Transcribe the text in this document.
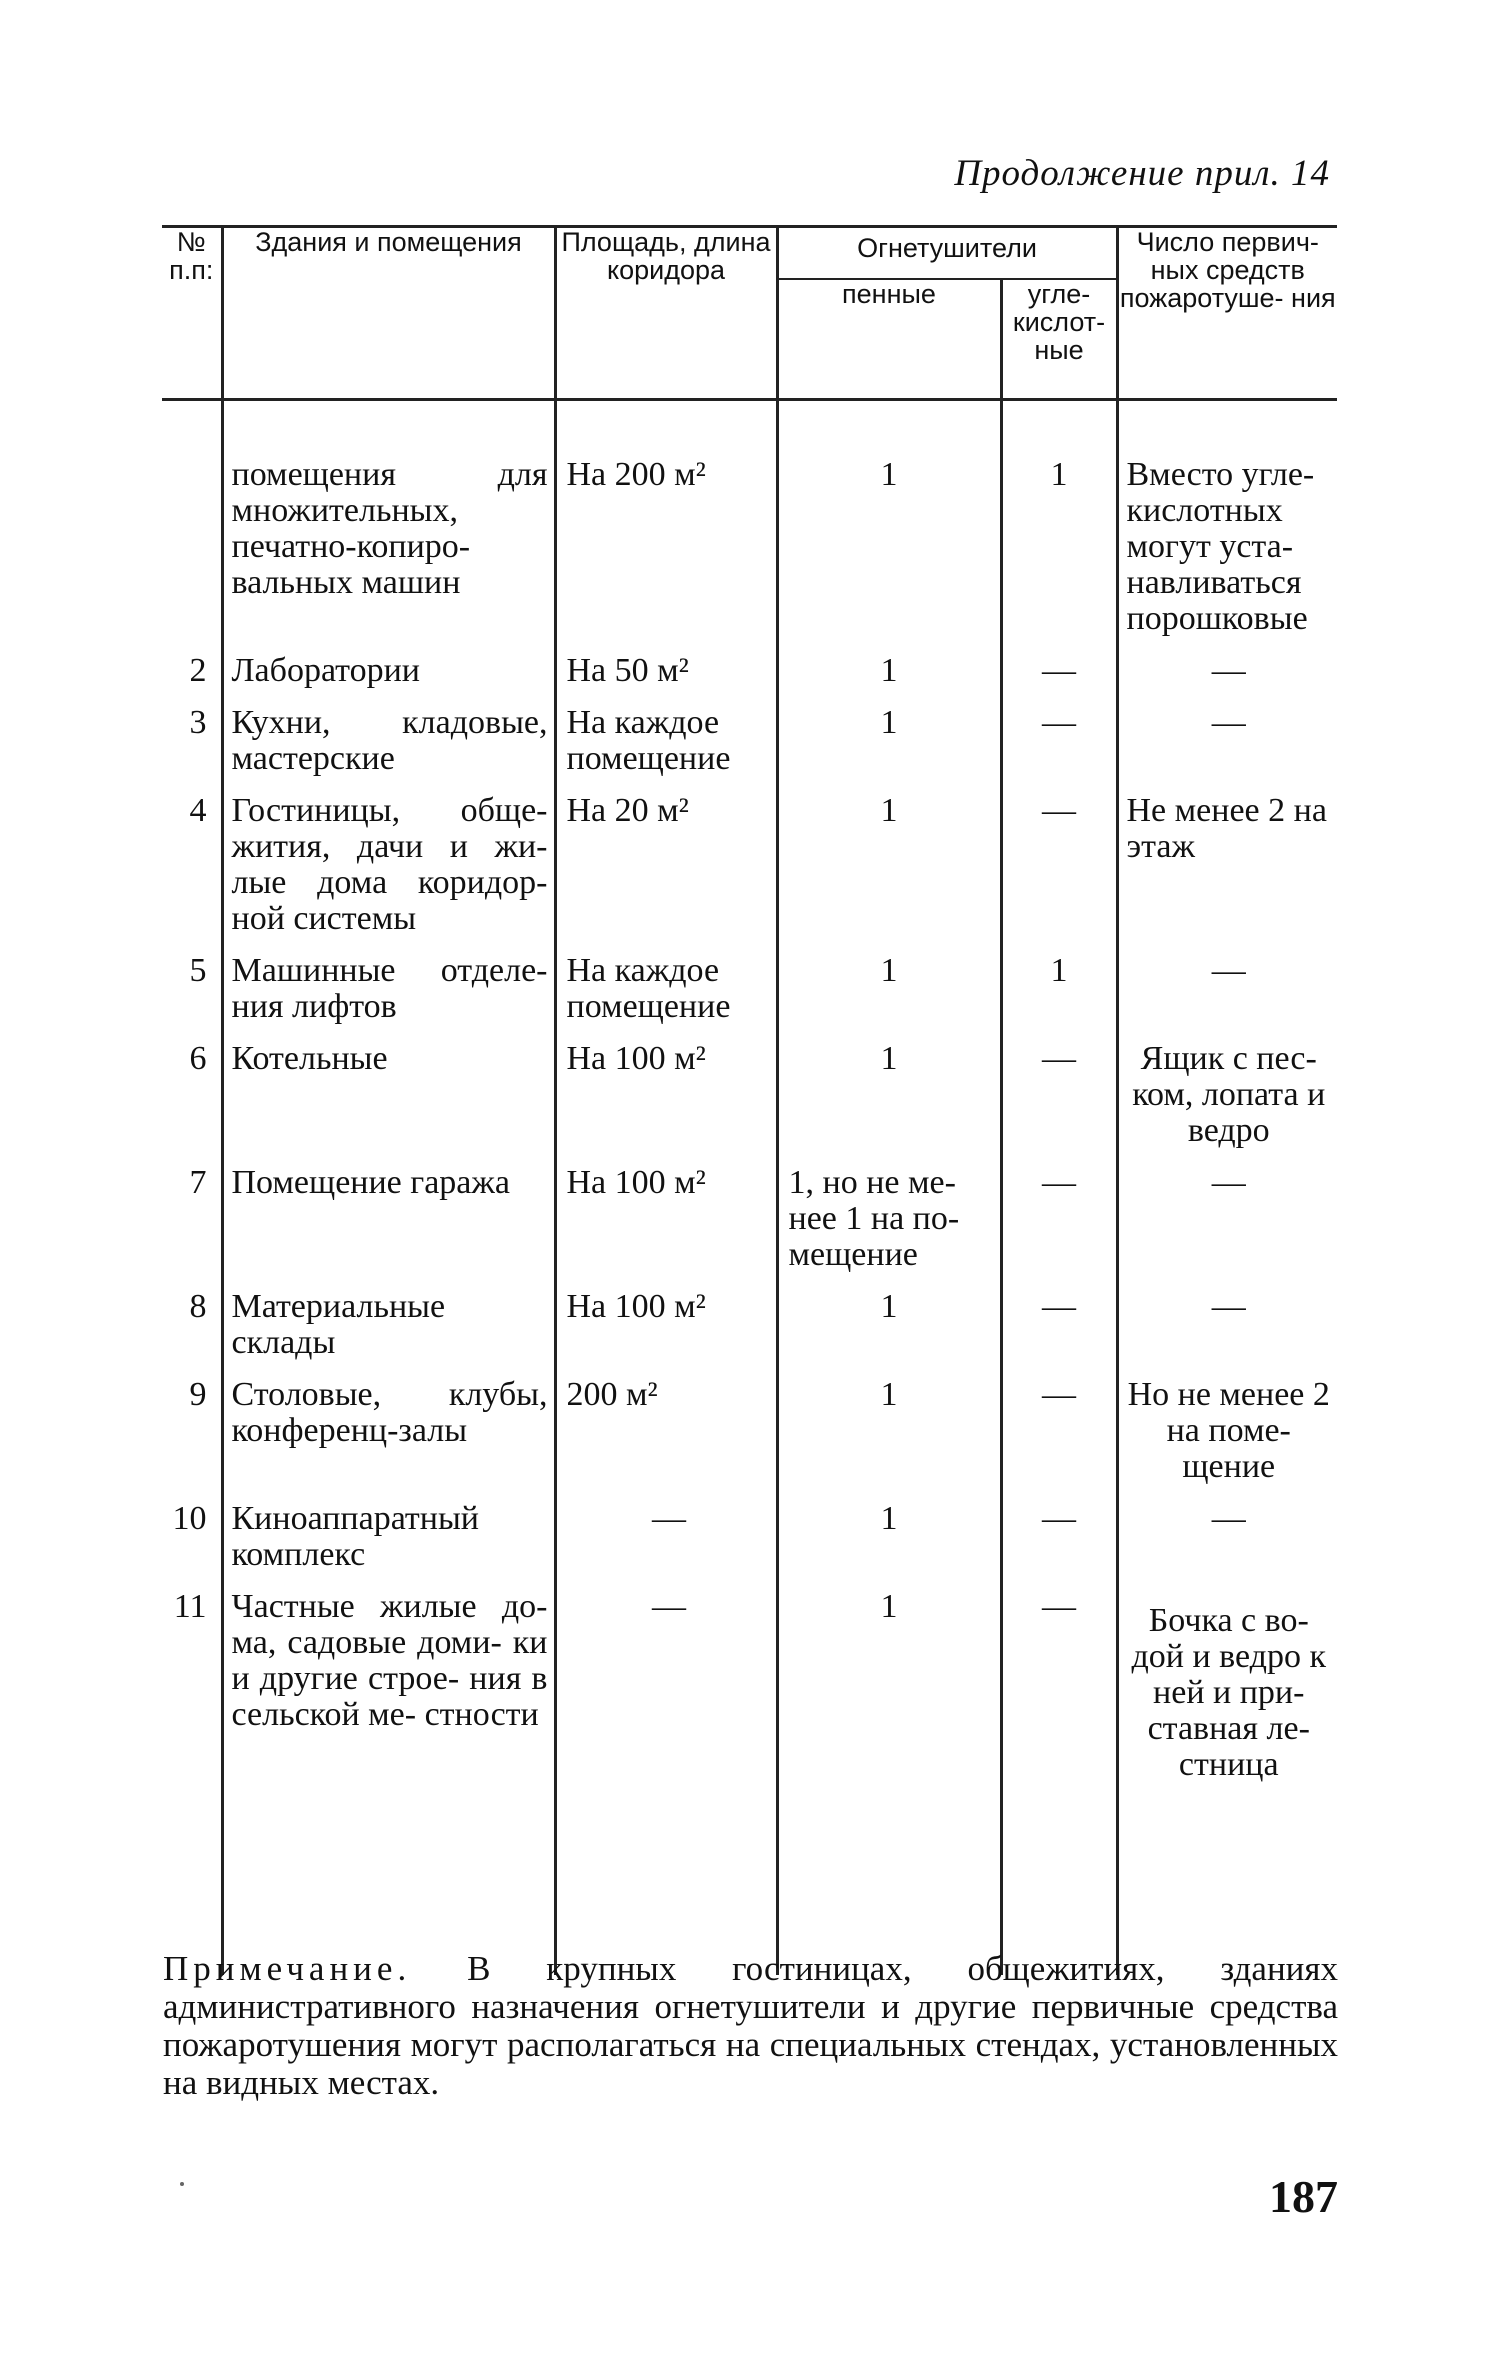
Продолжение прил. 14
№ п.п:	Здания и помещения	Площадь, длина коридора	Огнетушители		Число первич- ных средств пожаротуше- ния
			пенные	угле- кислот- ные	

	помещения для множительных, печатно-копиро- вальных машин	На 200 м²	1	1	Вместо угле- кислотных могут уста- навливаться порошковые
2	Лаборатории	На 50 м²	1	—	—
3	Кухни, кладовые, мастерские	На каждое помещение	1	—	—
4	Гостиницы, обще- жития, дачи и жи- лые дома коридор- ной системы	На 20 м²	1	—	Не менее 2 на этаж
5	Машинные отделе- ния лифтов	На каждое помещение	1	1	—
6	Котельные	На 100 м²	1	—	Ящик с пес- ком, лопата и ведро
7	Помещение гаража	На 100 м²	1, но не ме- нее 1 на по- мещение	—	—
8	Материальные склады	На 100 м²	1	—	—
9	Столовые, клубы, конференц-залы	200 м²	1	—	Но не менее 2 на поме- щение
10	Киноаппаратный комплекс	—	1	—	—
11	Частные жилые до- ма, садовые доми- ки и другие строе- ния в сельской ме- стности	—	1	—	Бочка с во- дой и ведро к ней и при- ставная ле- стница

Примечание. В крупных гостиницах, общежитиях, зданиях административного назначения огнетушители и другие первичные средства пожаротушения могут располагаться на специальных стендах, установленных на видных местах.
187
